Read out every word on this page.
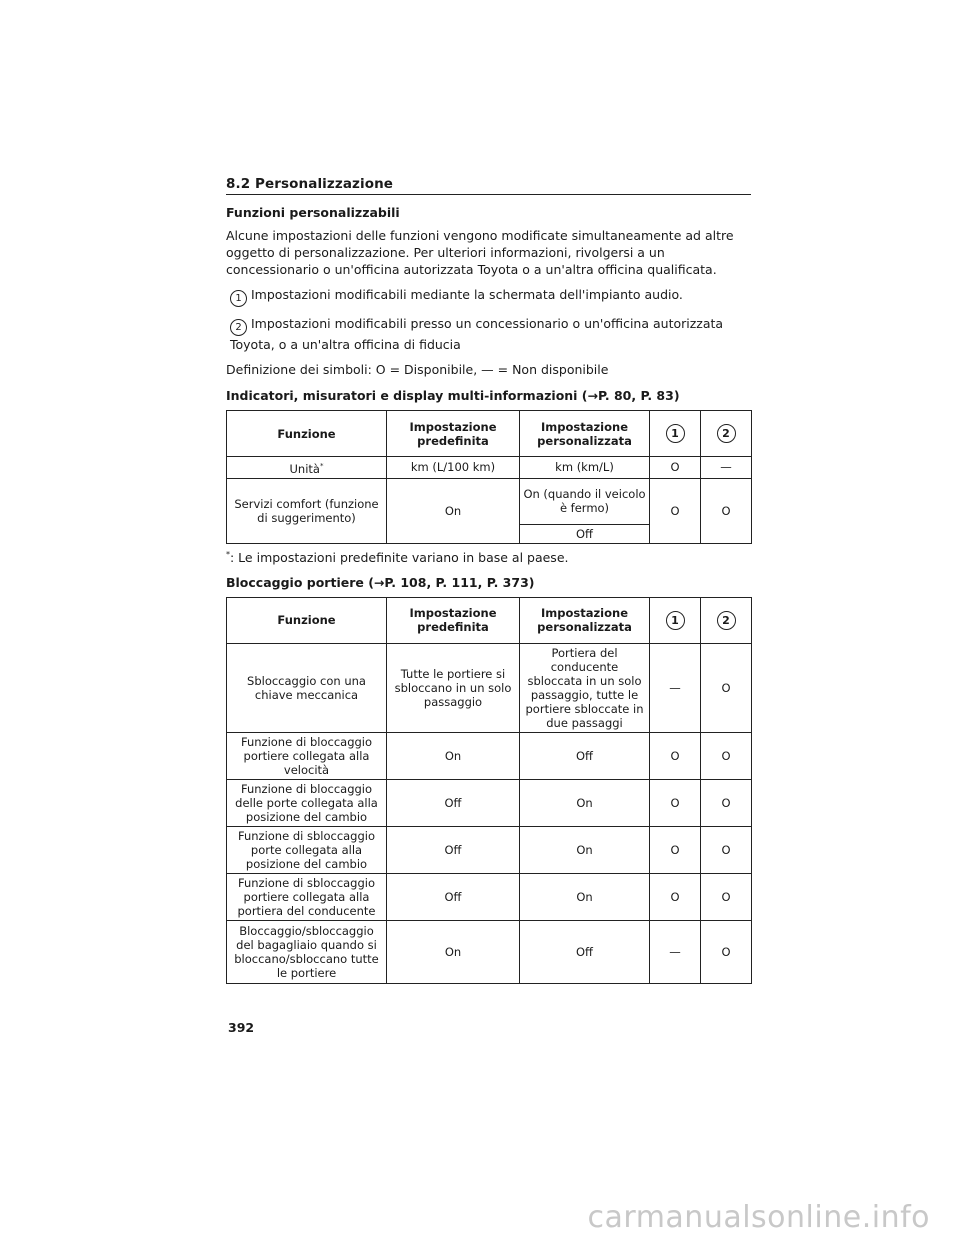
8.2 Personalizzazione
Funzioni personalizzabili

Alcune impostazioni delle funzioni vengono modificate simultaneamente ad altre oggetto di personalizzazione. Per ulteriori informazioni, rivolgersi a un concessionario o un'officina autorizzata Toyota o a un'altra officina qualificata.

1 Impostazioni modificabili mediante la schermata dell'impianto audio.

2 Impostazioni modificabili presso un concessionario o un'officina autorizzata Toyota, o a un'altra officina di fiducia

Definizione dei simboli: O = Disponibile, — = Non disponibile

Indicatori, misuratori e display multi-informazioni (→P. 80, P. 83)
Funzione	Impostazione predefinita	Impostazione personalizzata	1	2
Unità*	km (L/100 km)	km (km/L)	O	—
Servizi comfort (funzione di suggerimento)	On	On (quando il veicolo è fermo)	O	O
		Off		
*: Le impostazioni predefinite variano in base al paese.
Bloccaggio portiere (→P. 108, P. 111, P. 373)
Funzione	Impostazione predefinita	Impostazione personalizzata	1	2
Sbloccaggio con una chiave meccanica	Tutte le portiere si sbloccano in un solo passaggio	Portiera del conducente sbloccata in un solo passaggio, tutte le portiere sbloccate in due passaggi	—	O
Funzione di bloccaggio portiere collegata alla velocità	On	Off	O	O
Funzione di bloccaggio delle porte collegata alla posizione del cambio	Off	On	O	O
Funzione di sbloccaggio porte collegata alla posizione del cambio	Off	On	O	O
Funzione di sbloccaggio portiere collegata alla portiera del conducente	Off	On	O	O
Bloccaggio/sbloccaggio del bagagliaio quando si bloccano/sbloccano tutte le portiere	On	Off	—	O
392
carmanualsonline.info
